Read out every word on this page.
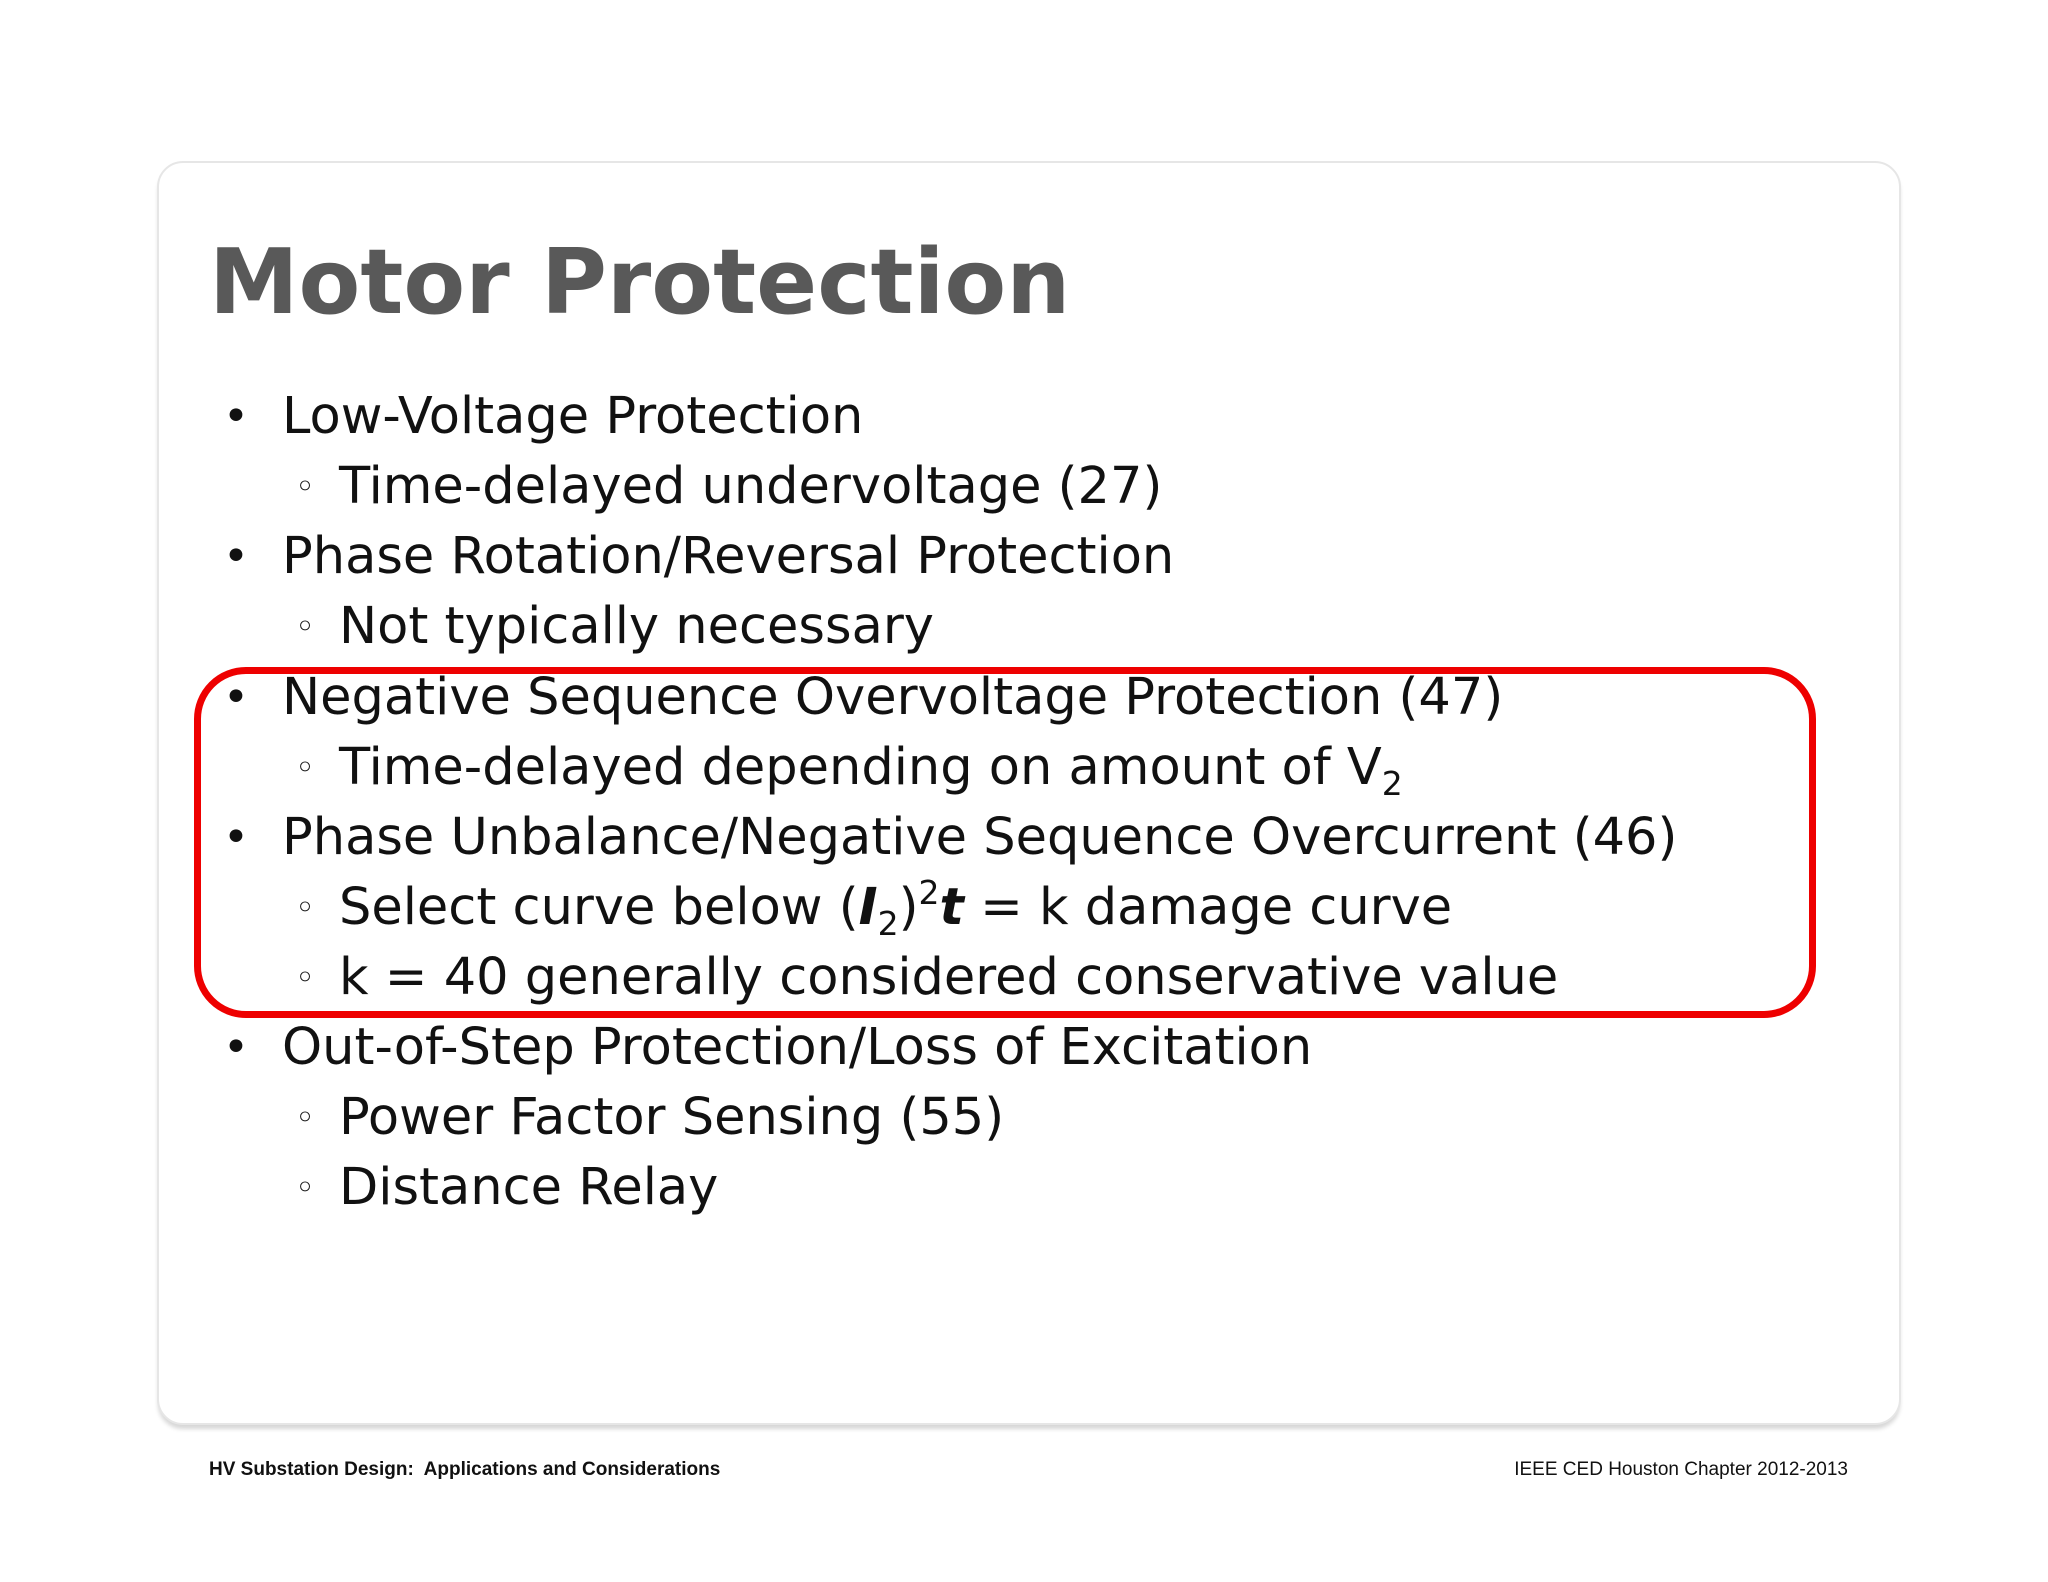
Motor Protection
• Low-Voltage Protection
◦ Time-delayed undervoltage (27)
• Phase Rotation/Reversal Protection
◦ Not typically necessary
• Negative Sequence Overvoltage Protection (47)
◦ Time-delayed depending on amount of $V_2$
• Phase Unbalance/Negative Sequence Overcurrent (46)
◦ Select curve below $(I_2)^2t = k$ damage curve
◦ k = 40 generally considered conservative value
• Out-of-Step Protection/Loss of Excitation
◦ Power Factor Sensing (55)
◦ Distance Relay
HV Substation Design:  Applications and Considerations	IEEE CED Houston Chapter 2012-2013
